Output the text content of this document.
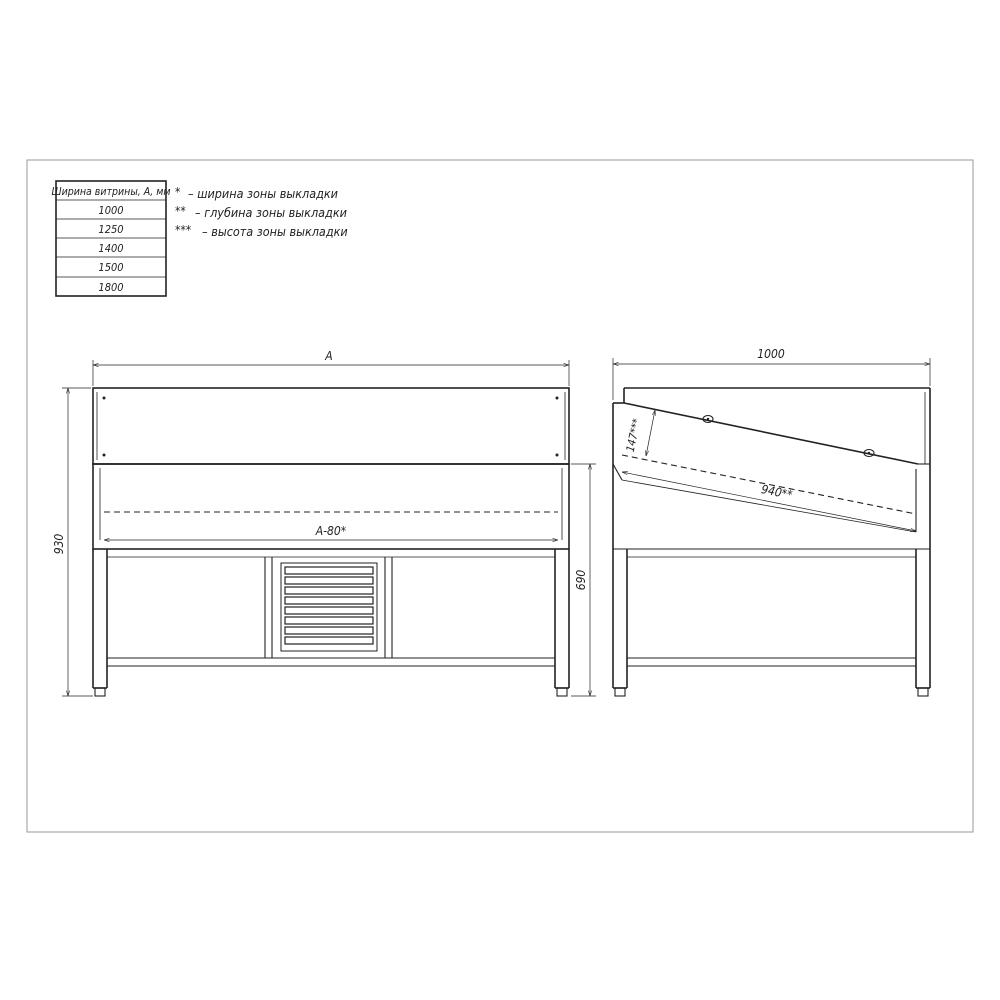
Ширина витрины, А, мм
1000
1250
1400
1500
1800
* – ширина зоны выкладки
** – глубина зоны выкладки
*** – высота зоны выкладки
A
A-80*
930
690
1000
940**
147***
